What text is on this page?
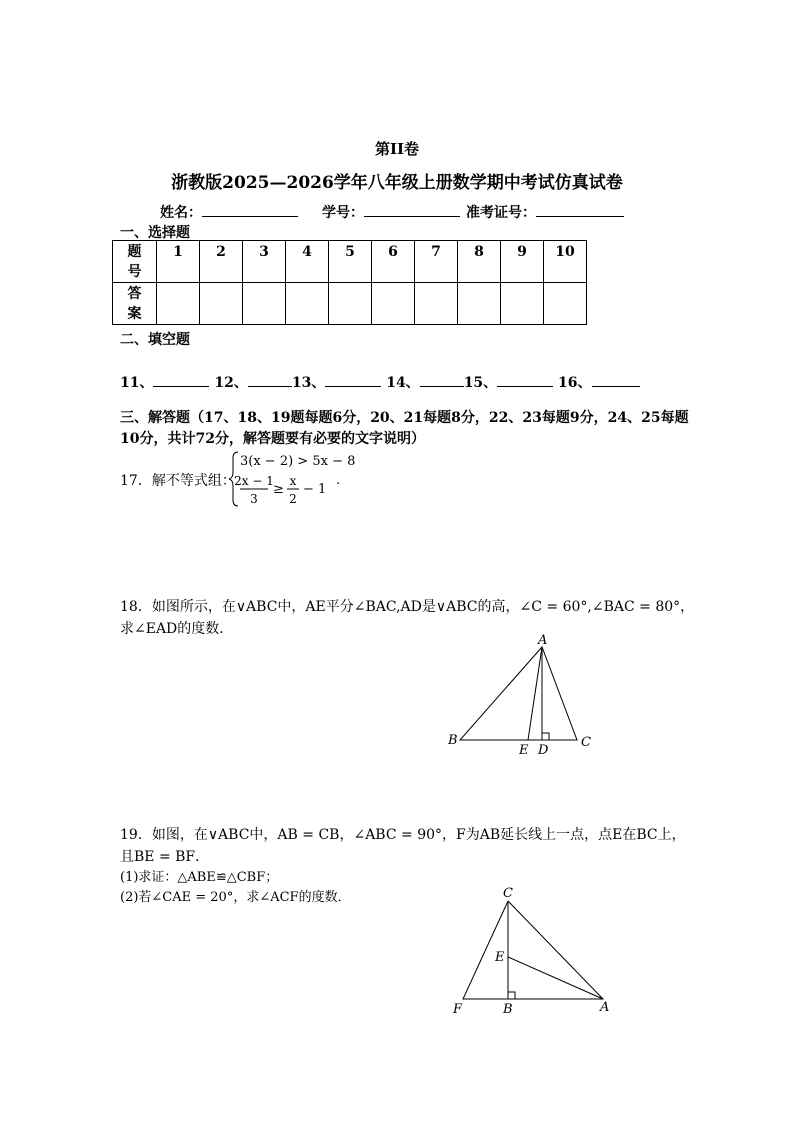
第II卷
浙教版2025—2026学年八年级上册数学期中考试仿真试卷
姓名：	学号：	准考证号：
一、选择题
题号	1	2	3	4	5	6	7	8	9	10
答案										
二、填空题
11、	12、	13、	14、	15、	16、
三、解答题（17、18、19题每题6分，20、21每题8分，22、23每题9分，24、25每题10分，共计72分，解答题要有必要的文字说明）
17．解不等式组：
3(x − 2) > 5x − 8
2x − 1
3
≥
x
2
− 1
.
18．如图所示，在∨ABC中，AE平分∠BAC,AD是∨ABC的高，∠C = 60°,∠BAC = 80°，
求∠EAD的度数．
A
B	C
E D
19．如图，在∨ABC中，AB = CB，∠ABC = 90°，F为AB延长线上一点，点E在BC上，
且BE = BF．
(1)求证：△ABE≌△CBF；
(2)若∠CAE = 20°，求∠ACF的度数．	C
E
F	B	A
